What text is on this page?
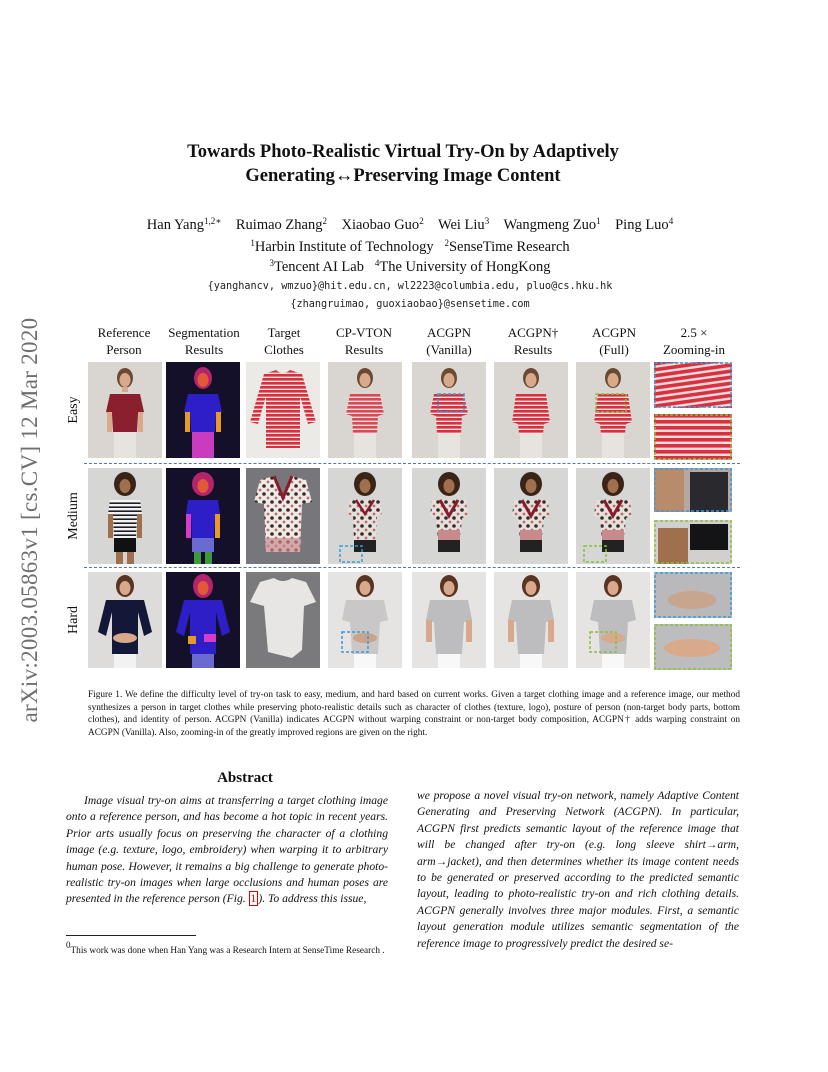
arXiv:2003.05863v1 [cs.CV] 12 Mar 2020
Towards Photo-Realistic Virtual Try-On by Adaptively
Generating↔Preserving Image Content
Han Yang$^{1,2∗}$ Ruimao Zhang$^2$ Xiaobao Guo$^2$ Wei Liu$^3$ Wangmeng Zuo$^1$ Ping Luo$^4$
$^1$Harbin Institute of Technology $^2$SenseTime Research
$^3$Tencent AI Lab $^4$The University of HongKong
{yanghancv, wmzuo}@hit.edu.cn, wl2223@columbia.edu, pluo@cs.hku.hk
{zhangruimao, guoxiaobao}@sensetime.com
Reference
Person
Segmentation
Results
Target
Clothes
CP-VTON
Results
ACGPN
(Vanilla)
ACGPN†
Results
ACGPN
(Full)
2.5 ×
Zooming-in
Easy
Medium
Hard
Figure 1. We define the difficulty level of try-on task to easy, medium, and hard based on current works. Given a target clothing image and a reference image, our method synthesizes a person in target clothes while preserving photo-realistic details such as character of clothes (texture, logo), posture of person (non-target body parts, bottom clothes), and identity of person. ACGPN (Vanilla) indicates ACGPN without warping constraint or non-target body composition, ACGPN† adds warping constraint on ACGPN (Vanilla). Also, zooming-in of the greatly improved regions are given on the right.
Abstract
Image visual try-on aims at transferring a target clothing image onto a reference person, and has become a hot topic in recent years. Prior arts usually focus on preserving the character of a clothing image (e.g. texture, logo, embroidery) when warping it to arbitrary human pose. However, it remains a big challenge to generate photo-realistic try-on images when large occlusions and human poses are presented in the reference person (Fig. 1 ). To address this issue,
we propose a novel visual try-on network, namely Adaptive Content Generating and Preserving Network (ACGPN). In particular, ACGPN first predicts semantic layout of the reference image that will be changed after try-on (e.g. long sleeve shirt→arm, arm→jacket), and then determines whether its image content needs to be generated or preserved according to the predicted semantic layout, leading to photo-realistic try-on and rich clothing details. ACGPN generally involves three major modules. First, a semantic layout generation module utilizes semantic segmentation of the reference image to progressively predict the desired se-
$^0$This work was done when Han Yang was a Research Intern at SenseTime Research .
